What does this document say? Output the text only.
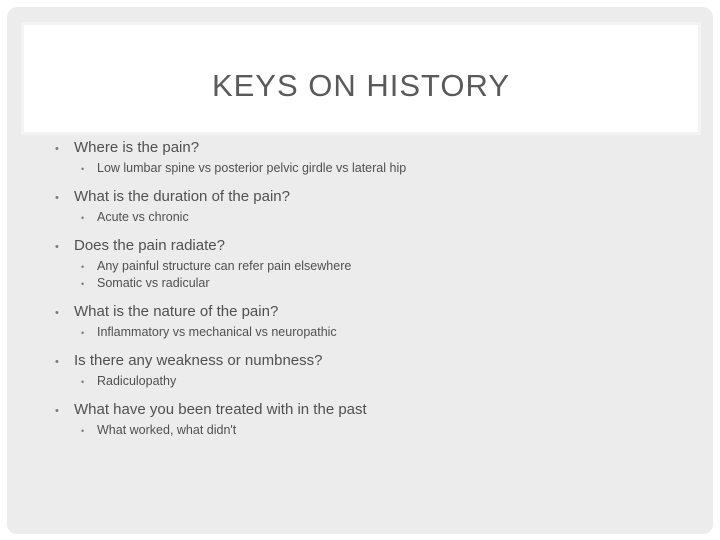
KEYS ON HISTORY
•	Where is the pain?
•	Low lumbar spine vs posterior pelvic girdle vs lateral hip
•	What is the duration of the pain?
•	Acute vs chronic
•	Does the pain radiate?
•	Any painful structure can refer pain elsewhere
•	Somatic vs radicular
•	What is the nature of the pain?
•	Inflammatory vs mechanical vs neuropathic
•	Is there any weakness or numbness?
•	Radiculopathy
•	What have you been treated with in the past
•	What worked, what didn't
